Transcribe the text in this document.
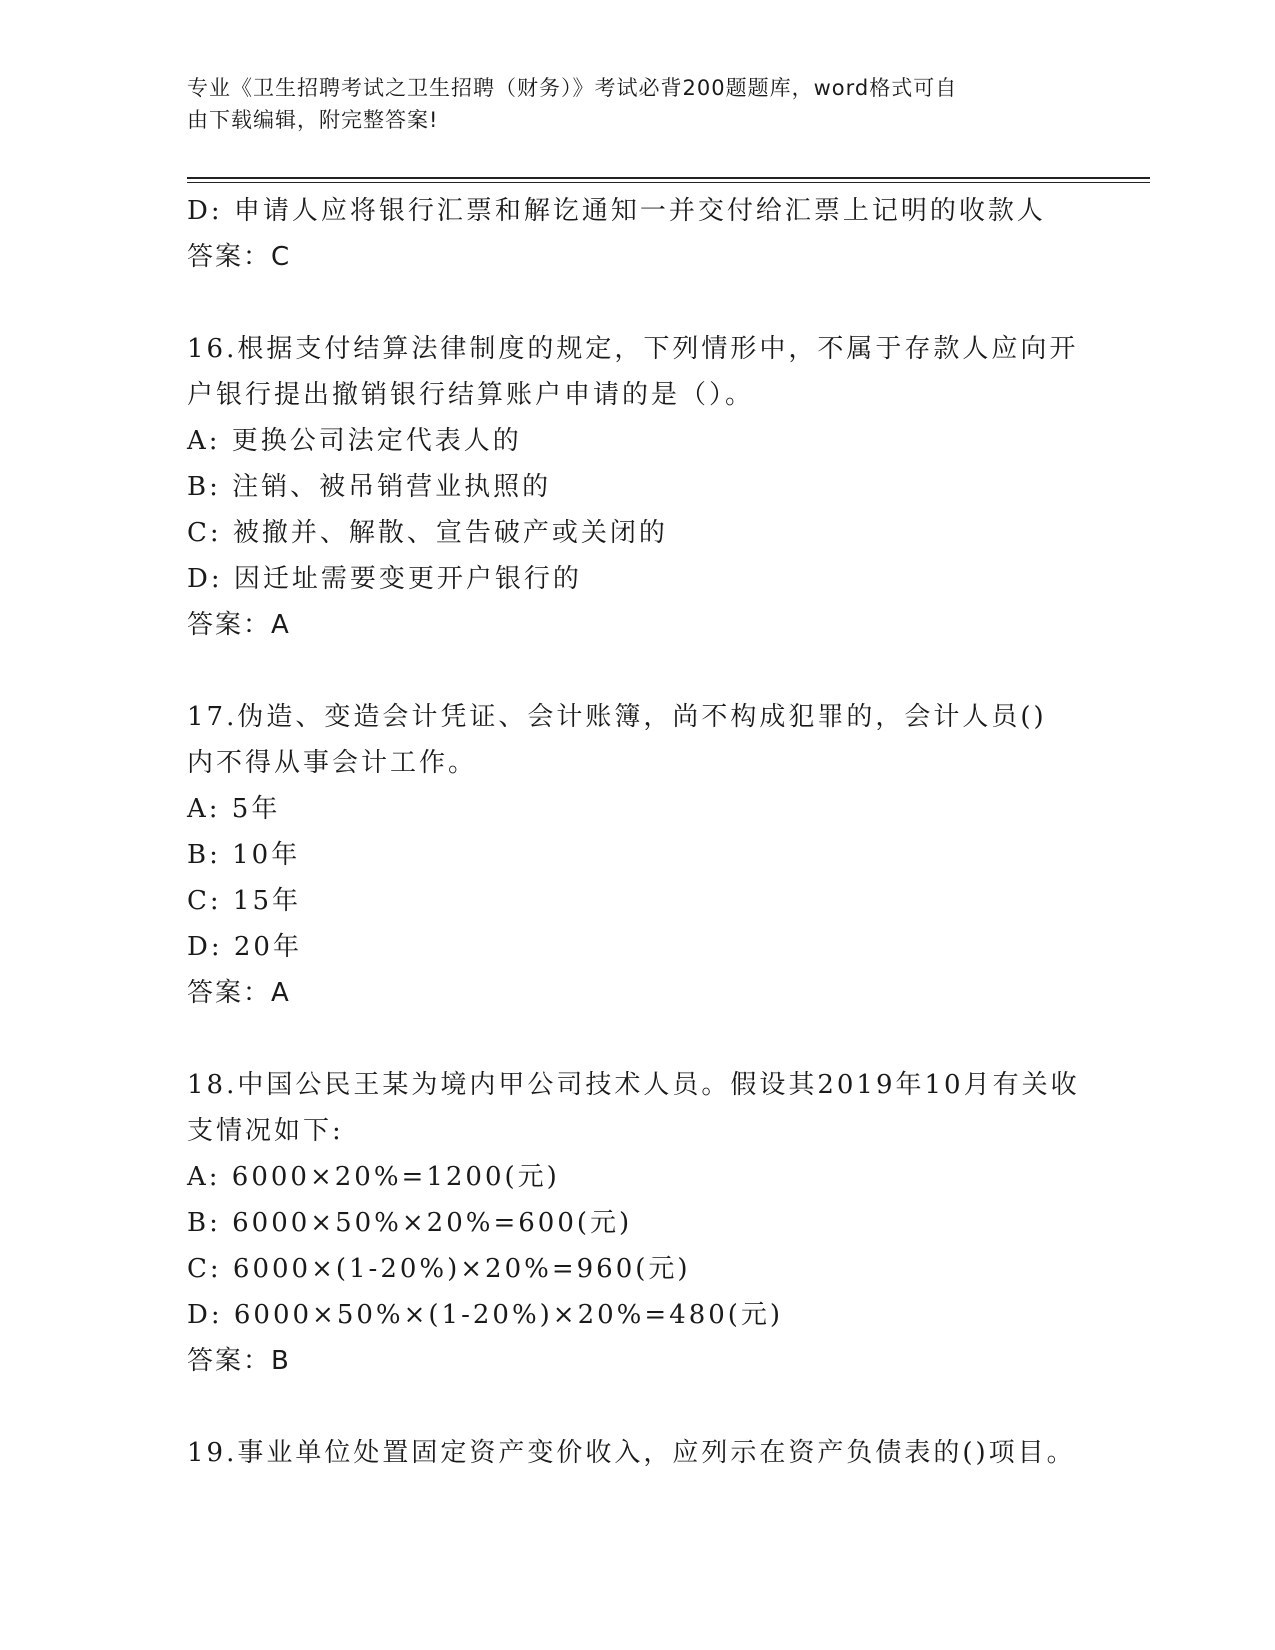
专业《卫生招聘考试之卫生招聘（财务）》考试必背200题题库，word格式可自
由下载编辑，附完整答案!
D: 申请人应将银行汇票和解讫通知一并交付给汇票上记明的收款人
答案：C
16.根据支付结算法律制度的规定，下列情形中，不属于存款人应向开
户银行提出撤销银行结算账户申请的是（）。
A: 更换公司法定代表人的
B: 注销、被吊销营业执照的
C: 被撤并、解散、宣告破产或关闭的
D: 因迁址需要变更开户银行的
答案：A
17.伪造、变造会计凭证、会计账簿，尚不构成犯罪的，会计人员()
内不得从事会计工作。
A: 5年
B: 10年
C: 15年
D: 20年
答案：A
18.中国公民王某为境内甲公司技术人员。假设其2019年10月有关收
支情况如下:
A: 6000×20%=1200(元)
B: 6000×50%×20%=600(元)
C: 6000×(1-20%)×20%=960(元)
D: 6000×50%×(1-20%)×20%=480(元)
答案：B
19.事业单位处置固定资产变价收入，应列示在资产负债表的()项目。
